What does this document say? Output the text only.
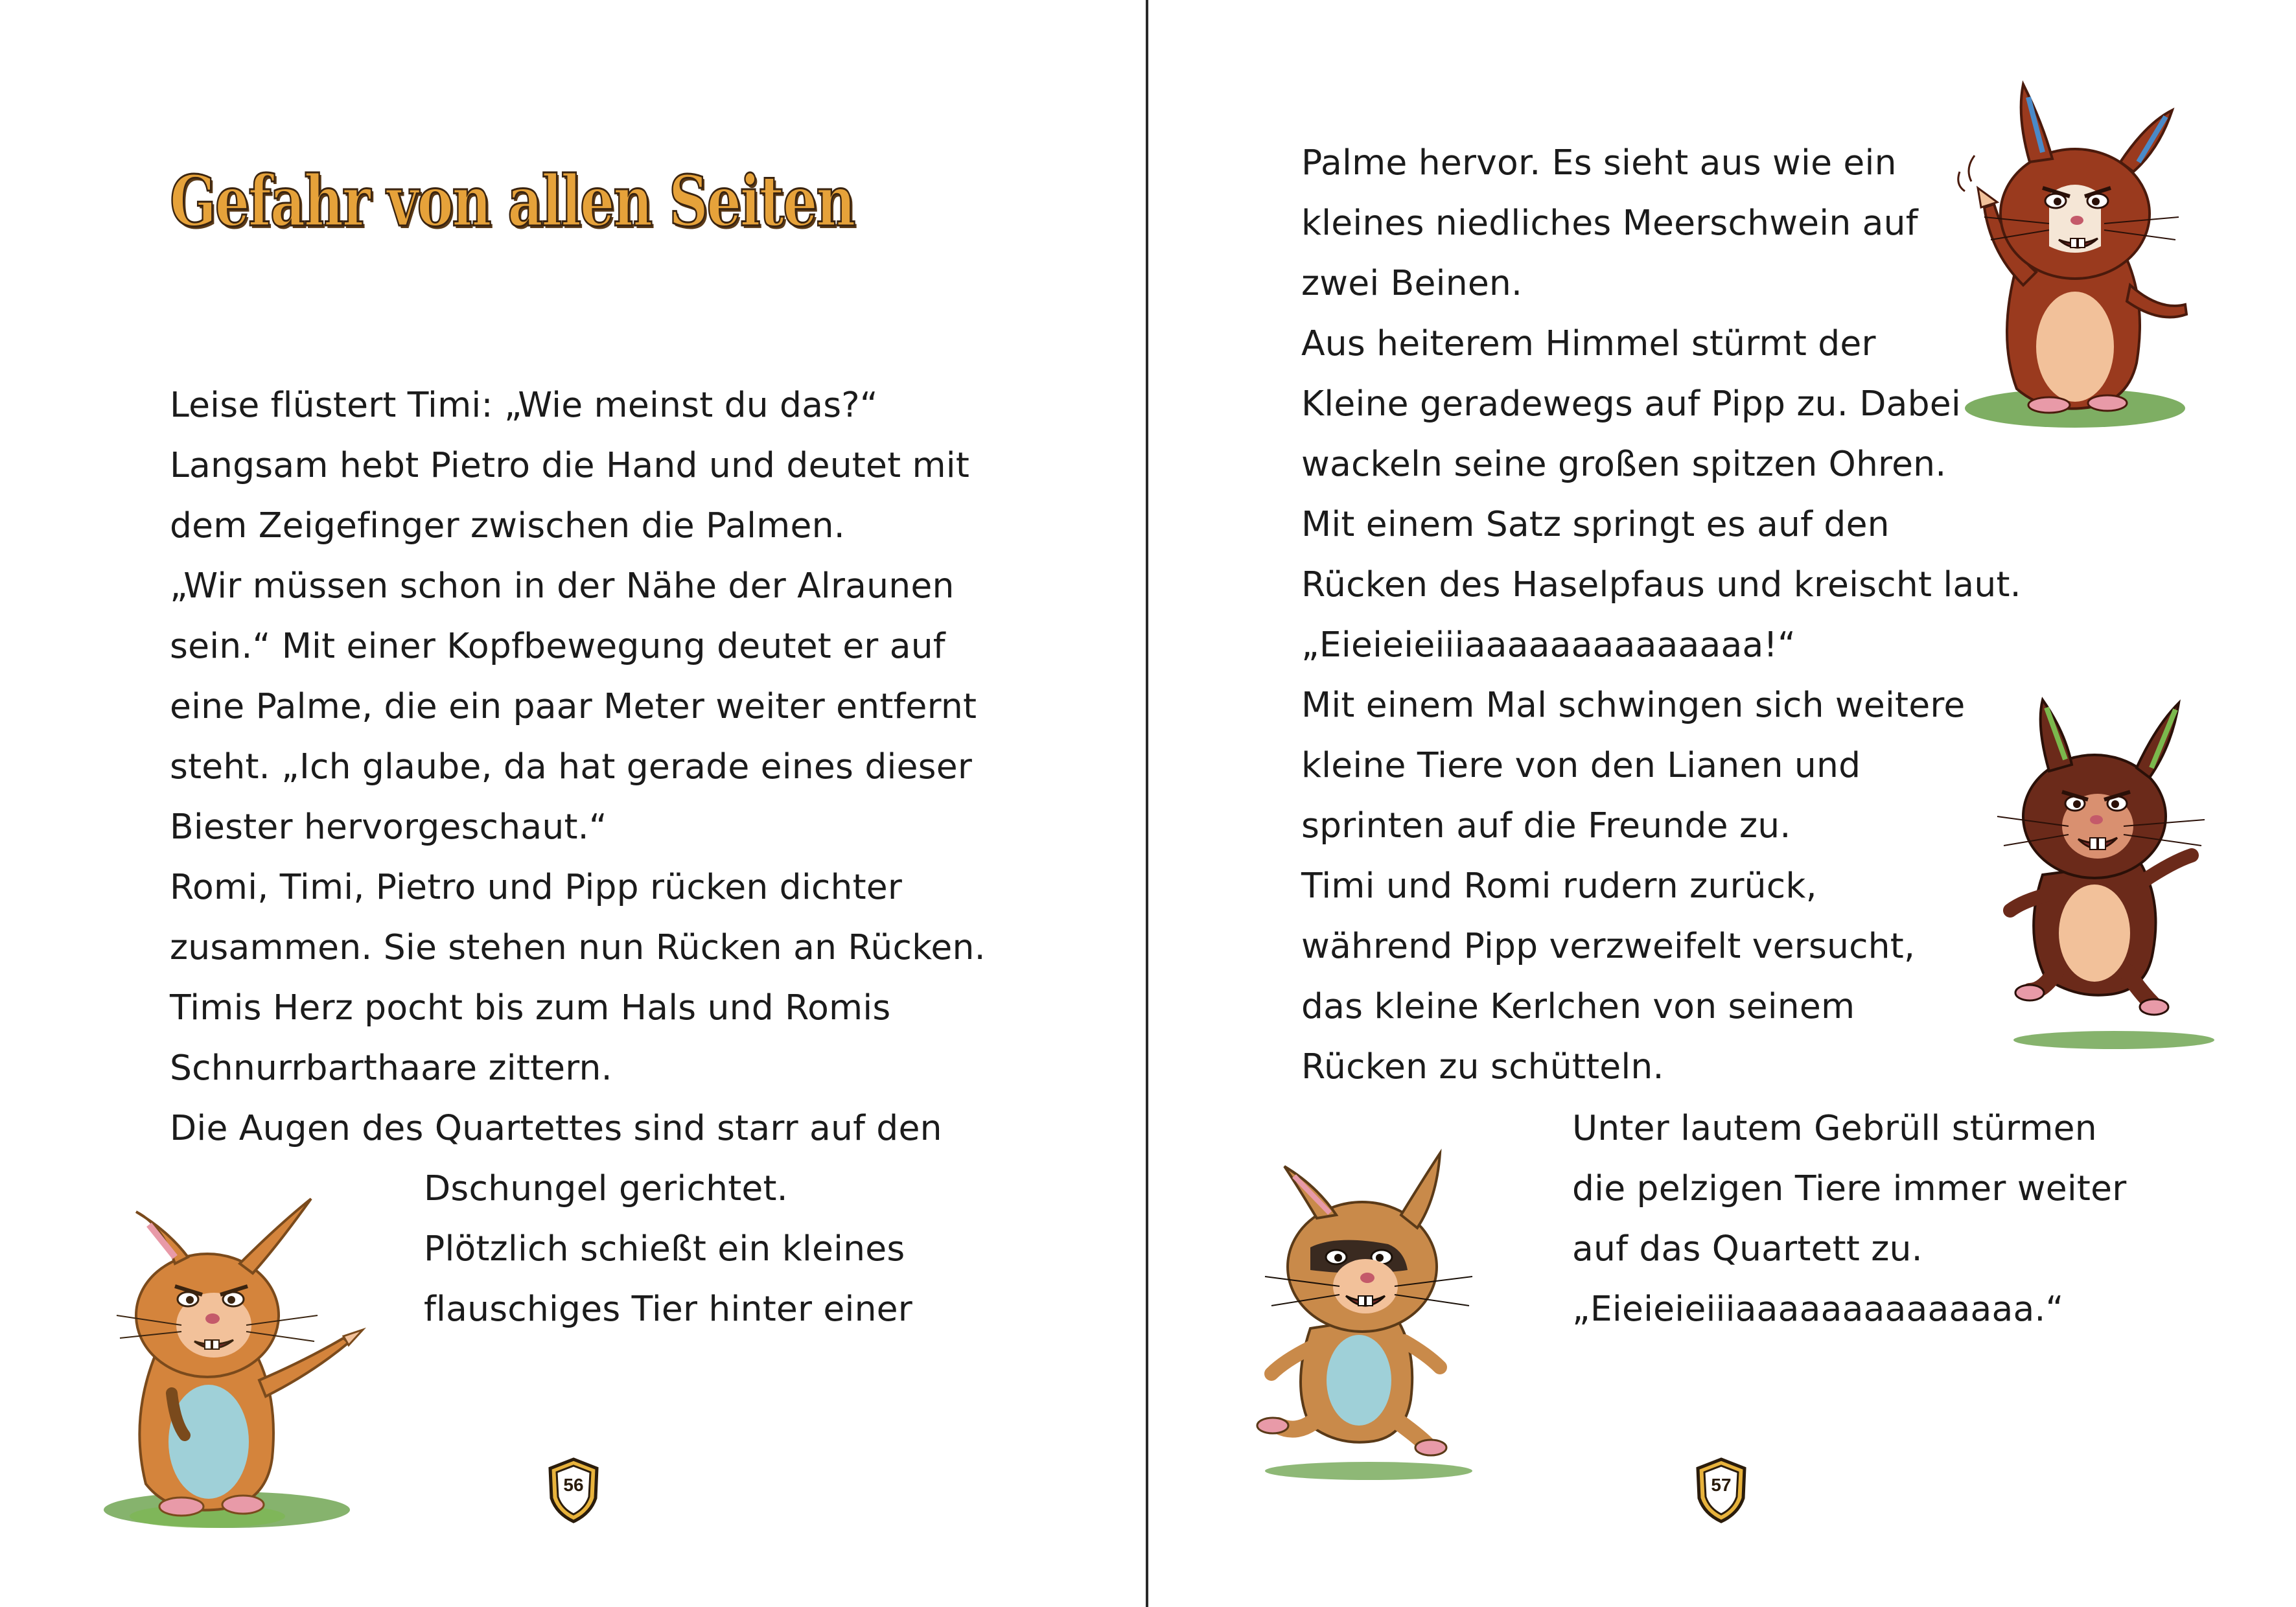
Gefahr von allen Seiten
Leise flüstert Timi: „Wie meinst du das?“
Langsam hebt Pietro die Hand und deutet mit
dem Zeigefinger zwischen die Palmen.
„Wir müssen schon in der Nähe der Alraunen
sein.“ Mit einer Kopfbewegung deutet er auf
eine Palme, die ein paar Meter weiter entfernt
steht. „Ich glaube, da hat gerade eines dieser
Biester hervorgeschaut.“
Romi, Timi, Pietro und Pipp rücken dichter
zusammen. Sie stehen nun Rücken an Rücken.
Timis Herz pocht bis zum Hals und Romis
Schnurrbarthaare zittern.
Die Augen des Quartettes sind starr auf den
Dschungel gerichtet.
Plötzlich schießt ein kleines
flauschiges Tier hinter einer
56
Palme hervor. Es sieht aus wie ein
kleines niedliches Meerschwein auf
zwei Beinen.
Aus heiterem Himmel stürmt der
Kleine geradewegs auf Pipp zu. Dabei
wackeln seine großen spitzen Ohren.
Mit einem Satz springt es auf den
Rücken des Haselpfaus und kreischt laut.
„Eieieieiiiaaaaaaaaaaaaaa!“
Mit einem Mal schwingen sich weitere
kleine Tiere von den Lianen und
sprinten auf die Freunde zu.
Timi und Romi rudern zurück,
während Pipp verzweifelt versucht,
das kleine Kerlchen von seinem
Rücken zu schütteln.
Unter lautem Gebrüll stürmen
die pelzigen Tiere immer weiter
auf das Quartett zu.
„Eieieieiiiaaaaaaaaaaaaaa.“
57
